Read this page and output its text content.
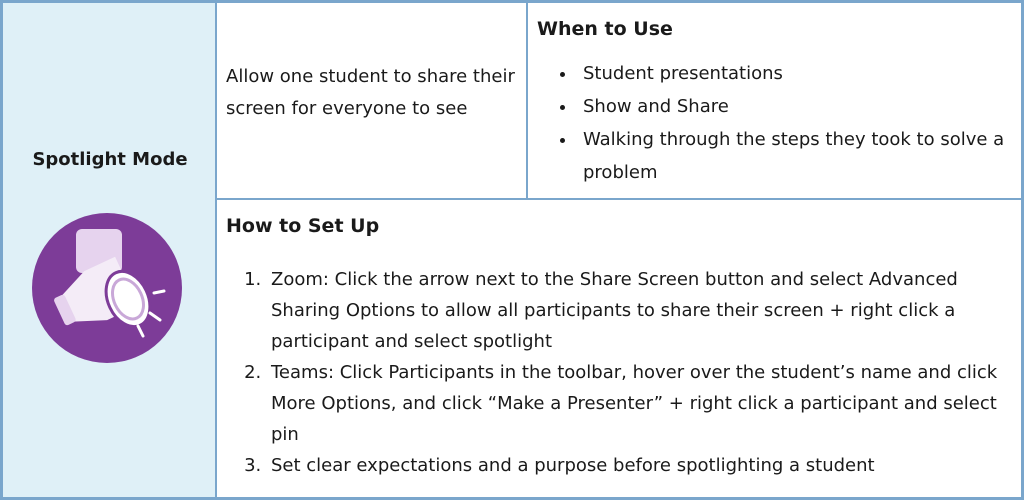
Spotlight Mode
Allow one student to share their screen for everyone to see
When to Use
• Student presentations
• Show and Share
• Walking through the steps they took to solve a problem
How to Set Up
1. Zoom: Click the arrow next to the Share Screen button and select Advanced Sharing Options to allow all participants to share their screen + right click a participant and select spotlight
2. Teams: Click Participants in the toolbar, hover over the student’s name and click More Options, and click “Make a Presenter” + right click a participant and select pin
3. Set clear expectations and a purpose before spotlighting a student
